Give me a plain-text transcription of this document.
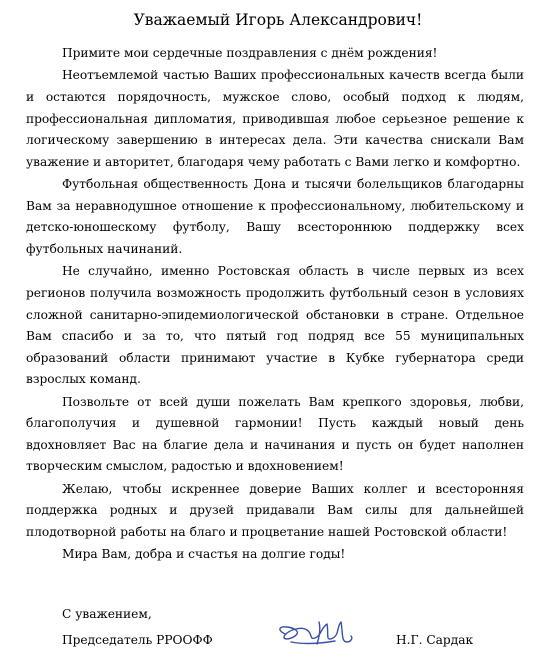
Уважаемый Игорь Александрович!

Примите мои сердечные поздравления с днём рождения!

Неотъемлемой частью Ваших профессиональных качеств всегда были и остаются порядочность, мужское слово, особый подход к людям, профессиональная дипломатия, приводившая любое серьезное решение к логическому завершению в интересах дела. Эти качества снискали Вам уважение и авторитет, благодаря чему работать с Вами легко и комфортно.

Футбольная общественность Дона и тысячи болельщиков благодарны Вам за неравнодушное отношение к профессиональному, любительскому и детско-юношескому футболу, Вашу всестороннюю поддержку всех футбольных начинаний.

Не случайно, именно Ростовская область в числе первых из всех регионов получила возможность продолжить футбольный сезон в условиях сложной санитарно-эпидемиологической обстановки в стране. Отдельное Вам спасибо и за то, что пятый год подряд все 55 муниципальных образований области принимают участие в Кубке губернатора среди взрослых команд.

Позвольте от всей души пожелать Вам крепкого здоровья, любви, благополучия и душевной гармонии! Пусть каждый новый день вдохновляет Вас на благие дела и начинания и пусть он будет наполнен творческим смыслом, радостью и вдохновением!

Желаю, чтобы искреннее доверие Ваших коллег и всесторонняя поддержка родных и друзей придавали Вам силы для дальнейшей плодотворной работы на благо и процветание нашей Ростовской области!

Мира Вам, добра и счастья на долгие годы!

С уважением,
Председатель РРООФФ	Н.Г. Сардак
